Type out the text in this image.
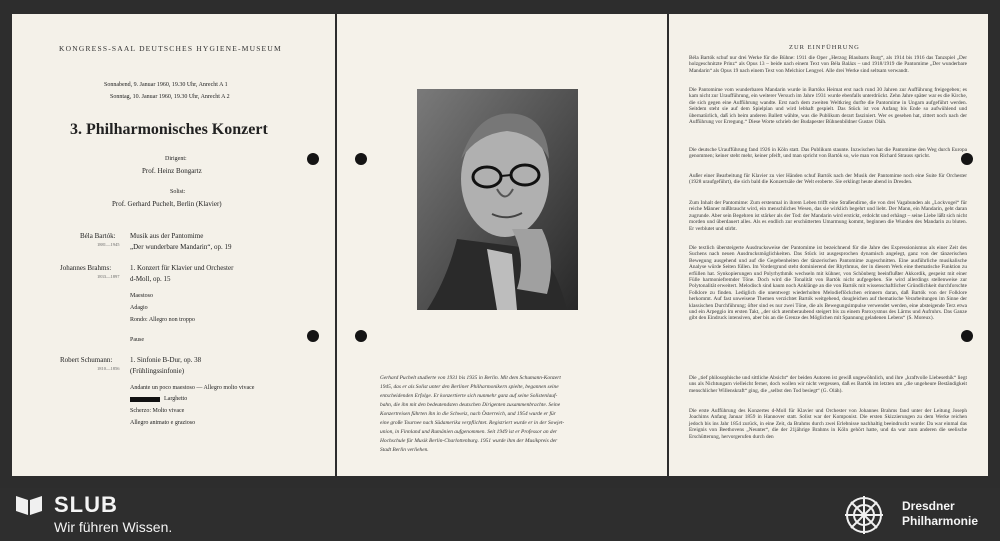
KONGRESS-SAAL DEUTSCHES HYGIENE-MUSEUM
Sonnabend, 9. Januar 1960, 19.30 Uhr, Anrecht A 1
Sonntag, 10. Januar 1960, 19.30 Uhr, Anrecht A 2
3. Philharmonisches Konzert
Dirigent:
Prof. Heinz Bongartz
Solist:
Prof. Gerhard Puchelt, Berlin (Klavier)
Béla Bartók:
1881—1945
Musik aus der Pantomime
„Der wunderbare Mandarin“, op. 19
Johannes Brahms:
1833—1897
1. Konzert für Klavier und Orchester
d-Moll, op. 15
Maestoso
Adagio
Rondo: Allegro non troppo
Pause
Robert Schumann:
1810—1856
1. Sinfonie B-Dur, op. 38
(Frühlingssinfonie)
Andante un poco maestoso — Allegro molto vivace
Larghetto
Scherzo: Molto vivace
Allegro animato e grazioso
Gerhard Puchelt studierte von 1931 bis 1935 in Berlin. Mit dem Schumann-Konzert
1945, das er als Solist unter den Berliner Philharmonikern spielte, begannen seine
entscheidenden Erfolge. Er konzertierte sich nunmehr ganz auf seine Solistenlauf-
bahn, die ihn mit den bedeutendsten deutschen Dirigenten zusammenbrachte. Seine
Konzertreisen führten ihn in die Schweiz, nach Österreich, und 1954 wurde er für
eine große Tournee nach Südamerika verpflichtet. Registriert wurde er in der Sowjet-
union, in Finnland und Rumänien aufgenommen. Seit 1949 ist er Professor an der
Hochschule für Musik Berlin-Charlottenburg. 1951 wurde ihm der Musikpreis der
Stadt Berlin verliehen.
ZUR EINFÜHRUNG
Béla Bartók schuf nur drei Werke für die Bühne: 1911 die Oper „Herzog Blaubarts Burg“, als 1914 bis 1916 das Tanzspiel „Der holzgeschnitzte Prinz“ als Opus 13 – beide nach einem Text von Béla Balázs – und 1918/1919 die Pantomime „Der wunderbare Mandarin“ als Opus 19 nach einem Text von Melchior Lengyel. Alle drei Werke sind seltsam verwandt.
Die Pantomime vom wunderbaren Mandarin wurde in Bartóks Heimat erst nach rund 30 Jahren zur Aufführung freigegeben; es kam nicht zur Uraufführung, ein weiterer Versuch im Jahre 1931 wurde ebenfalls unterdrückt. Zehn Jahre später war es die Kirche, die sich gegen eine Aufführung wandte. Erst nach dem zweiten Weltkrieg durfte die Pantomime in Ungarn aufgeführt werden. Seitdem steht sie auf dem Spielplan und wird lebhaft gespielt. Das Stück ist von Anfang bis Ende so aufwühlend und übernatürlich, daß ich beim anderen Ballett wählte, was die Publikum derart fasziniert. Wer es gesehen hat, zittert noch nach der Aufführung vor Erregung.“ Diese Worte schrieb der Budapester Bühnenbildner Gustav Oláh.
Die deutsche Uraufführung fand 1926 in Köln statt. Das Publikum staunte. Inzwischen hat die Pantomime den Weg durch Europa genommen; keiner steht mehr, keiner pfeift, und man spricht von Bartók so, wie man von Richard Strauss spricht.
Außer einer Bearbeitung für Klavier zu vier Händen schuf Bartók nach der Musik der Pantomime noch eine Suite für Orchester (1928 uraufgeführt), die sich bald die Konzertsäle der Welt eroberte. Sie erklingt heute abend in Dresden.
Zum Inhalt der Pantomime: Zum erstenmal in ihrem Leben trifft eine Straßendirne, die von drei Vagabunden als „Lockvogel“ für reiche Männer mißbraucht wird, ein menschliches Wesen, das sie wirklich begehrt und liebt. Der Mann, ein Mandarin, geht daran zugrunde. Aber sein Begehren ist stärker als der Tod: der Mandarin wird erstickt, erdolcht und erhängt – seine Liebe läßt sich nicht morden und überdauert alles. Als es endlich zur erschütterten Umarmung kommt, beginnen die Wunden des Mandarin zu bluten. Er verblutet und stirbt.
Die textlich übersteigerte Ausdrucksweise der Pantomime ist bezeichnend für die Jahre des Expressionismus als einer Zeit des Suchens nach neuen Ausdrucksmöglichkeiten. Das Stück ist ausgesprochen dynamisch angelegt, ganz von der tänzerischen Bewegung ausgehend und auf die Gegebenheiten der tänzerischen Pantomime zugeschnitten. Eine ausführliche musikalische Analyse würde Seiten füllen. Im Vordergrund steht dominierend der Rhythmus, der in diesem Werk eine thematische Funktion zu erfüllen hat. Synkopierungen und Polyrhythmik wechseln mit kühner, von Schönberg beeinflußter Akkordik, gespeist mit einer Fülle harmoniefremder Töne. Doch wird die Tonalität von Bartók nicht aufgegeben. Sie wird allerdings stellenweise zur Polytonalität erweitert. Melodisch sind kaum noch Anklänge an die von Bartók mit wissenschaftlicher Gründlichkeit durchforschte Folklore zu finden. Lediglich die unentwegt wiederholten Melodieflöckchen erinnern daran, daß Bartók von der Folklore herkommt. Auf fast unweisene Themen verzichtet Bartók weitgehend, dougleichen auf thematische Verarbeitungen im Sinne der klassischen Durchführung; öfter sind es nur zwei Töne, die als Bewegungsimpulse verwendet werden, eine absteigende Terz etwa und ein Arpeggio im ersten Takt, „der sich atemberaubend steigert bis zu einem Paroxysmus des Lärms und Aufruhrs. Das Ganze gibt den Eindruck intensiven, aber bis an die Grenze des Möglichen mit Spannung geladenen Lebens“ (S. Moreux).
Die „tief philosophische und sittliche Absicht“ der beiden Autoren ist gewiß ungewöhnlich, und ihre „kraftvolle Liebesethik“ liegt uns als Nichtungarn vielleicht ferner, doch wollen wir nicht vergessen, daß es Bartók im letzten um „die ungeheure Beständigkeit menschlicher Willenskraft“ ging, die „selbst den Tod besiegt“ (G. Oláh).
Die erste Aufführung des Konzertes d-Moll für Klavier und Orchester von Johannes Brahms fand unter der Leitung Joseph Joachims Anfang Januar 1859 in Hannover statt. Solist war der Komponist. Die ersten Skizzierungen zu dem Werke reichen jedoch bis ins Jahr 1854 zurück, in eine Zeit, da Brahms durch zwei Erlebnisse nachhaltig beeindruckt wurde: Da war einmal das Ereignis von Beethovens „Neunter“, die der 21jährige Brahms in Köln gehört hatte, und da war zum anderen die seelische Erschütterung, hervorgerufen durch den
SLUB
Wir führen Wissen.
Dresdner
Philharmonie
